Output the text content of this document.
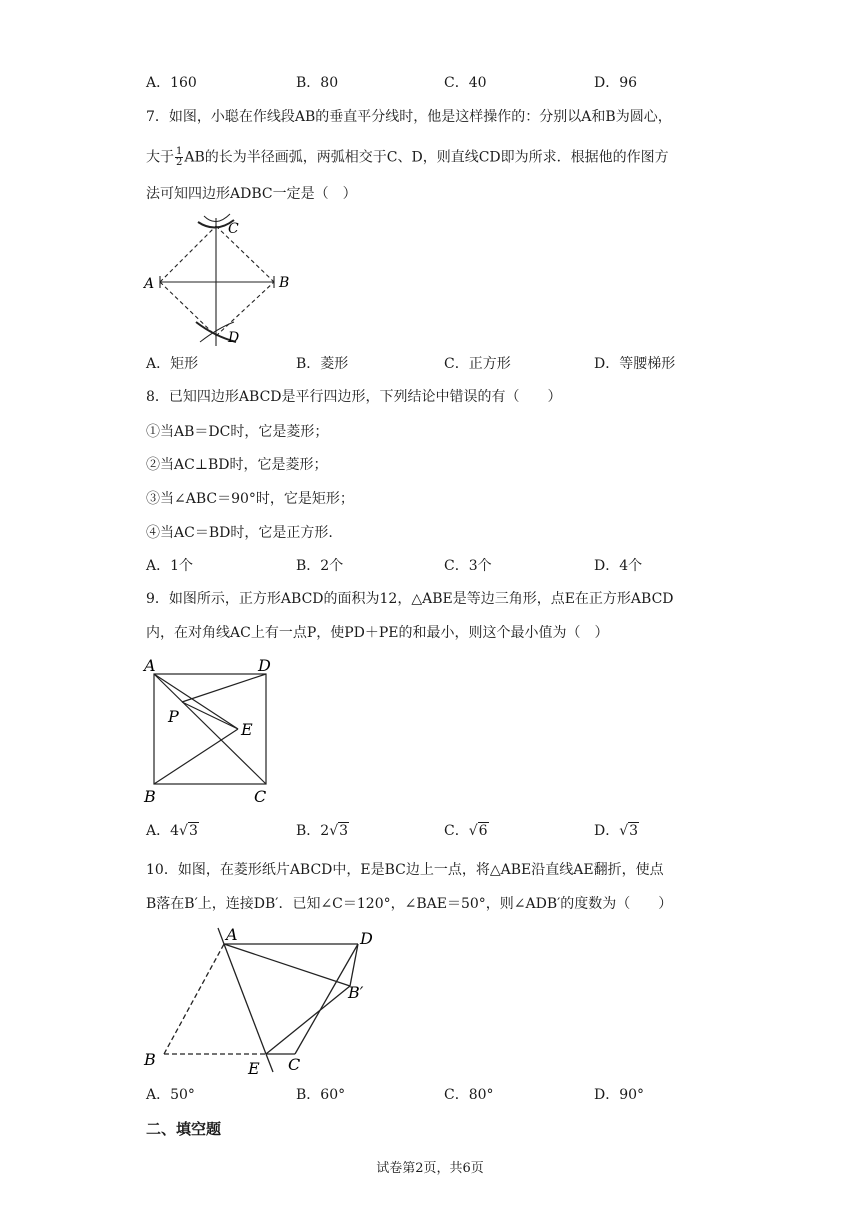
A．160	B．80	C．40	D．96
7．如图，小聪在作线段AB的垂直平分线时，他是这样操作的：分别以A和B为圆心，
大于 $\frac{1}{2}$ AB的长为半径画弧，两弧相交于C、D，则直线CD即为所求．根据他的作图方
法可知四边形ADBC一定是（　）
A	B
C
D
A．矩形	B．菱形	C．正方形	D．等腰梯形
8．已知四边形ABCD是平行四边形，下列结论中错误的有（　　）
①当AB＝DC时，它是菱形；
②当AC⊥BD时，它是菱形；
③当∠ABC＝90°时，它是矩形；
④当AC＝BD时，它是正方形.
A．1个	B．2个	C．3个	D．4个
9．如图所示，正方形ABCD的面积为12，△ABE是等边三角形，点E在正方形ABCD
内，在对角线AC上有一点P，使PD＋PE的和最小，则这个最小值为（　）
A	D
B	C
P
E
A．4√3	B．2√3	C．√6	D．√3
10．如图，在菱形纸片ABCD中，E是BC边上一点，将△ABE沿直线AE翻折，使点
B落在B′上，连接DB′．已知∠C＝120°，∠BAE＝50°，则∠ADB′的度数为（　　）
A	D
B′
B	E C
A．50°	B．60°	C．80°	D．90°
二、填空题
试卷第2页，共6页
